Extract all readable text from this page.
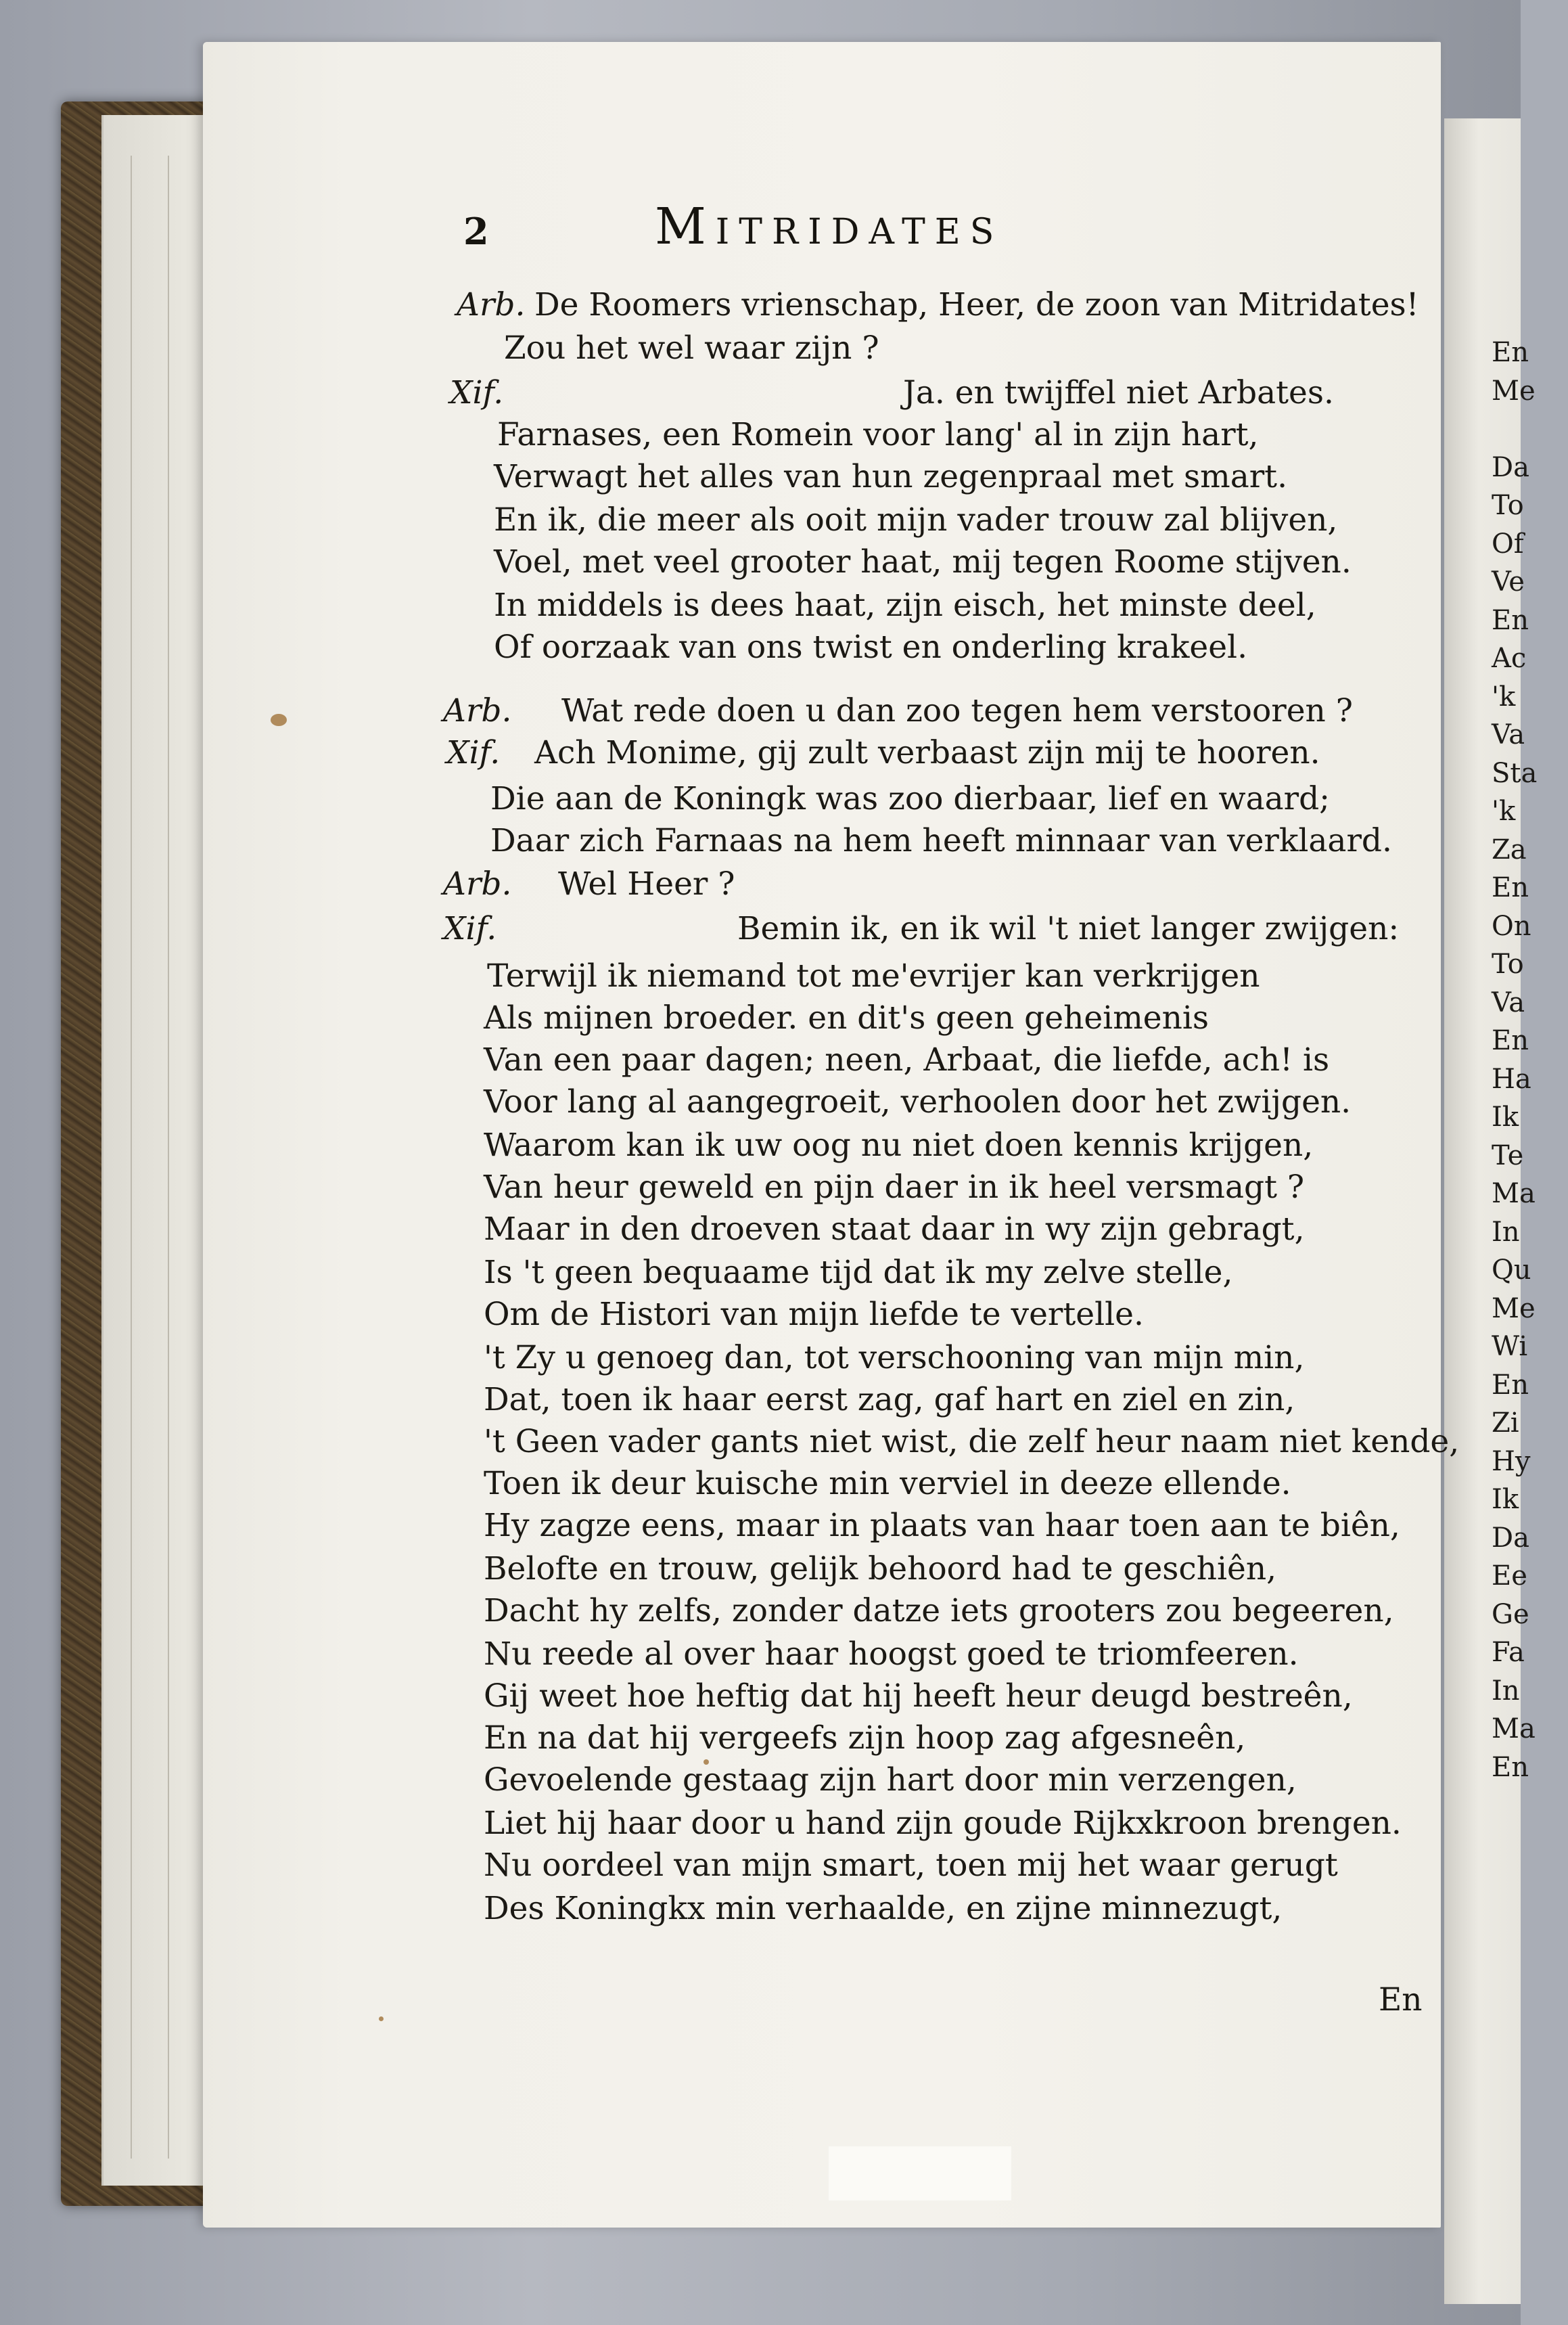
En
Me
Da
To
Of
Ve
En
Ac
'k
Va
Sta
'k
Za
En
On
To
Va
En
Ha
Ik
Te
Ma
In
Qu
Me
Wi
En
Zi
Hy
Ik
Da
Ee
Ge
Fa
In
Ma
En
2	Mitridates
Arb. De Roomers vrienschap, Heer, de zoon van Mitridates!
Zou het wel waar zijn ?
Xif.	Ja. en twijffel niet Arbates.
Farnases, een Romein voor lang' al in zijn hart,
Verwagt het alles van hun zegenpraal met smart.
En ik, die meer als ooit mijn vader trouw zal blijven,
Voel, met veel grooter haat, mij tegen Roome stijven.
In middels is dees haat, zijn eisch, het minste deel,
Of oorzaak van ons twist en onderling krakeel.
Arb. Wat rede doen u dan zoo tegen hem verstooren ?
Xif. Ach Monime, gij zult verbaast zijn mij te hooren.
Die aan de Koningk was zoo dierbaar, lief en waard;
Daar zich Farnaas na hem heeft minnaar van verklaard.
Arb. Wel Heer ?
Xif.	Bemin ik, en ik wil 't niet langer zwijgen:
Terwijl ik niemand tot me'evrijer kan verkrijgen
Als mijnen broeder. en dit's geen geheimenis
Van een paar dagen; neen, Arbaat, die liefde, ach! is
Voor lang al aangegroeit, verhoolen door het zwijgen.
Waarom kan ik uw oog nu niet doen kennis krijgen,
Van heur geweld en pijn daer in ik heel versmagt ?
Maar in den droeven staat daar in wy zijn gebragt,
Is 't geen bequaame tijd dat ik my zelve stelle,
Om de Histori van mijn liefde te vertelle.
't Zy u genoeg dan, tot verschooning van mijn min,
Dat, toen ik haar eerst zag, gaf hart en ziel en zin,
't Geen vader gants niet wist, die zelf heur naam niet kende,
Toen ik deur kuische min verviel in deeze ellende.
Hy zagze eens, maar in plaats van haar toen aan te biên,
Belofte en trouw, gelijk behoord had te geschiên,
Dacht hy zelfs, zonder datze iets grooters zou begeeren,
Nu reede al over haar hoogst goed te triomfeeren.
Gij weet hoe heftig dat hij heeft heur deugd bestreên,
En na dat hij vergeefs zijn hoop zag afgesneên,
Gevoelende gestaag zijn hart door min verzengen,
Liet hij haar door u hand zijn goude Rijkxkroon brengen.
Nu oordeel van mijn smart, toen mij het waar gerugt
Des Koningkx min verhaalde, en zijne minnezugt,
En
